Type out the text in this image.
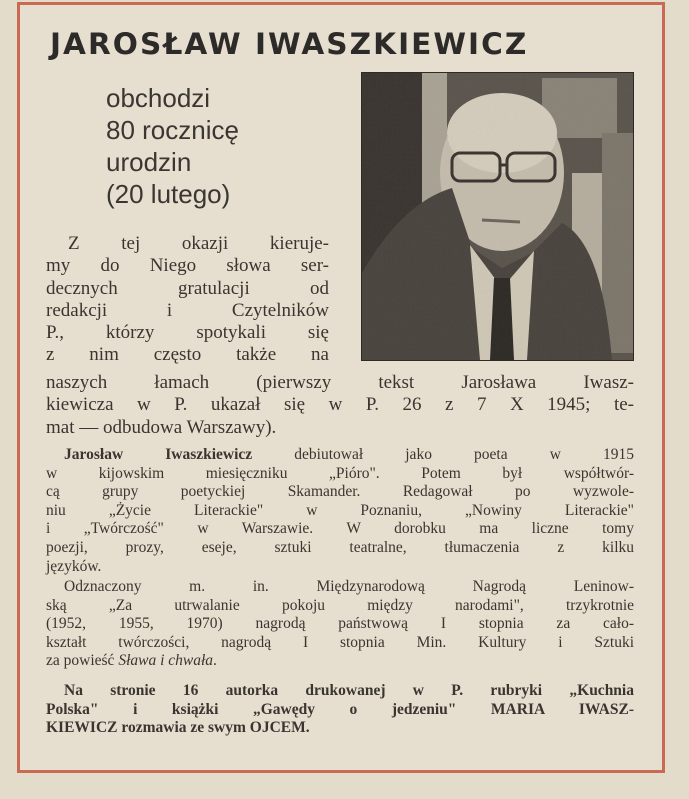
JAROSŁAW IWASZKIEWICZ
obchodzi
80 rocznicę
urodzin
(20 lutego)
Z tej okazji kieruje-
my do Niego słowa ser-
decznych gratulacji od
redakcji i Czytelników
P., którzy spotykali się
z nim często także na
naszych łamach (pierwszy tekst Jarosława Iwasz-
kiewicza w P. ukazał się w P. 26 z 7 X 1945; te-
mat — odbudowa Warszawy).
Jarosław Iwaszkiewicz debiutował jako poeta w 1915
w kijowskim miesięczniku „Pióro". Potem był współtwór-
cą grupy poetyckiej Skamander. Redagował po wyzwole-
niu „Życie Literackie" w Poznaniu, „Nowiny Literackie"
i „Twórczość" w Warszawie. W dorobku ma liczne tomy
poezji, prozy, eseje, sztuki teatralne, tłumaczenia z kilku
języków.
Odznaczony m. in. Międzynarodową Nagrodą Leninow-
ską „Za utrwalanie pokoju między narodami", trzykrotnie
(1952, 1955, 1970) nagrodą państwową I stopnia za cało-
kształt twórczości, nagrodą I stopnia Min. Kultury i Sztuki
za powieść Sława i chwała.
Na stronie 16 autorka drukowanej w P. rubryki „Kuchnia
Polska" i książki „Gawędy o jedzeniu" MARIA IWASZ-
KIEWICZ rozmawia ze swym OJCEM.
